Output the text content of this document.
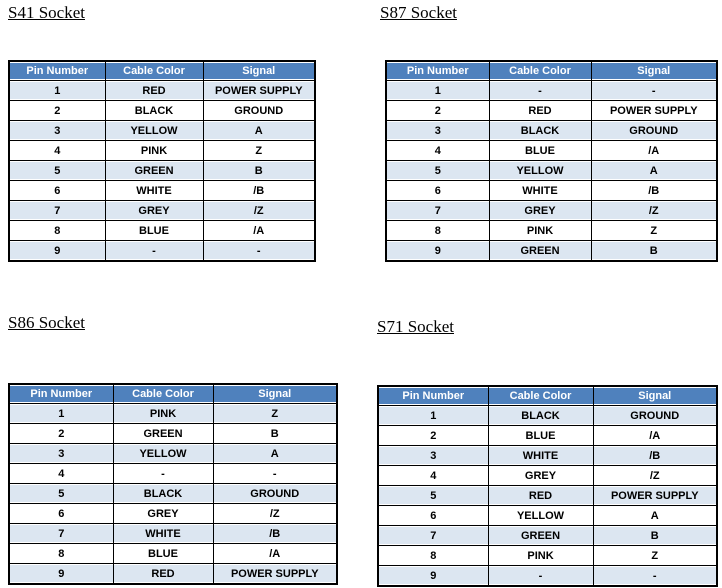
S41 Socket
Pin Number	Cable Color	Signal
1	RED	POWER SUPPLY
2	BLACK	GROUND
3	YELLOW	A
4	PINK	Z
5	GREEN	B
6	WHITE	/B
7	GREY	/Z
8	BLUE	/A
9	-	-
S87 Socket
Pin Number	Cable Color	Signal
1	-	-
2	RED	POWER SUPPLY
3	BLACK	GROUND
4	BLUE	/A
5	YELLOW	A
6	WHITE	/B
7	GREY	/Z
8	PINK	Z
9	GREEN	B
S86 Socket
Pin Number	Cable Color	Signal
1	PINK	Z
2	GREEN	B
3	YELLOW	A
4	-	-
5	BLACK	GROUND
6	GREY	/Z
7	WHITE	/B
8	BLUE	/A
9	RED	POWER SUPPLY
S71 Socket
Pin Number	Cable Color	Signal
1	BLACK	GROUND
2	BLUE	/A
3	WHITE	/B
4	GREY	/Z
5	RED	POWER SUPPLY
6	YELLOW	A
7	GREEN	B
8	PINK	Z
9	-	-
